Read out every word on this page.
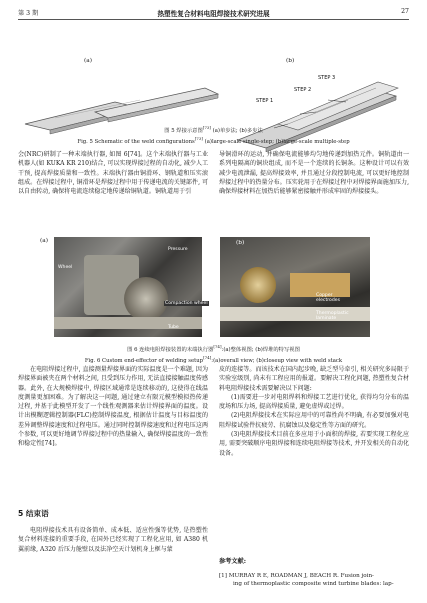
第 3 期	热塑性复合材料电阻焊接技术研究进展	27
(a)	(b)
STEP 3
STEP 2
STEP 1
图 5 焊接示意图[73] (a)单步法; (b)多步法
Fig. 5 Schematic of the weld configurations[73] (a)large-scale single-step; (b)large-scale multiple-step

会(NRC)研制了一种末端执行器, 如图 6[74]。这个末端执行器与工业机器人(如 KUKA KR 210)结合, 可以实现焊接过程的自动化, 减少人工干预, 提高焊接质量和一致性。末端执行器由铜滑环、钢轨道和压实滚组成。在焊接过程中, 铜滑环是焊接过程中用于传递电流的关键部件, 可以自由转动, 确保将电流连续稳定地传递给铜轨道。铜轨道用于引

导铜滑环的运动, 并确保电流能够均匀地传递到加热元件。铜轨道由一系列电隔离的铜块组成, 而不是一个连续的长铜条。这种设计可以有效减少电流泄漏, 提高焊接效率, 并且通过分段控制电流, 可以更好地控制焊接过程中的热量分布。压实轮用于在焊接过程中对焊接界面施加压力, 确保焊接材料在加热后能够紧密接触并形成牢固的焊接接头。

(a)
Pressure
Wheel
Compaction wheel
Tube
(b)
Copper
electrodes
Thermoplastic
laminate
图 6 连续电阻焊接装置的末端执行器[74]:(a)整体视图; (b)焊堆的特写视图
Fig. 6 Custom end-effector of welding setup[74]:(a)overall view; (b)closeup view with weld stack

在电阻焊接过程中, 直接测量焊接界面的实际温度是一个难题, 因为焊接界面被夹在两个材料之间, 且受到压力作用, 无法直接接触温度传感器。此外, 在大规模焊接中, 焊接区域通常是连续移动的, 这使得在线温度测量更加困难。为了解决这一问题, 通过建立有限元模型模拟热传递过程, 并基于此模型开发了一个线性观测器来估计焊接界面的温度。设计出模糊逻辑控制器(FLC)控制焊接温度, 根据估计温度与目标温度的差异调整焊接速度和过程电压。通过同时控制焊接速度和过程电压这两个参数, 可以更好地调节焊接过程中的热量输入, 确保焊接温度的一致性和稳定性[74]。

5 结束语

电阻焊接技术具有设备简单、成本低、适应性强等优势, 是热塑性复合材料连接的重要手段, 在国外已经实现了工程化应用, 如 A380 机翼前缘, A320 后压力舱壁以及法净空天计划机身上框与蒙

皮的连接等。而该技术在国内起步晚, 缺乏型号牵引, 相关研究多局限于实验室级别, 尚未有工程应用的报道。要解决工程化问题, 热塑性复合材料电阻焊接技术需要解决以下问题:

(1)需要进一步对电阻焊料和焊接工艺进行优化, 获得均匀分布的温度场和压力场, 提高焊接质量, 避免虚焊或过焊。

(2)电阻焊接技术在实际应用中的可靠性尚不明确, 有必要加强对电阻焊接试验件抗疲劳、抗腐蚀以及稳定性等方面的研究。

(3)电阻焊接技术目前在多应用于小面积的焊接, 若要实现工程化应用, 需要突破顺序电阻焊接和连续电阻焊接等技术, 并开发相关的自动化设备。

参考文献:
[1] MURRAY R E, ROADMAN J, BEACH R. Fusion join-
ing of thermoplastic composite wind turbine blades: lap-
